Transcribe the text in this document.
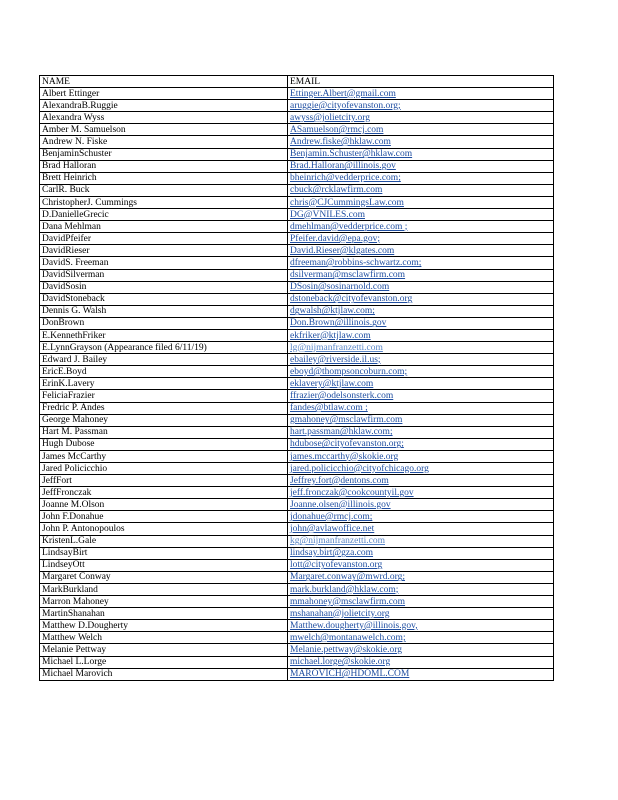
NAME	EMAIL
Albert Ettinger	Ettinger.Albert@gmail.com
AlexandraB.Ruggie	aruggie@cityofevanston.org;
Alexandra Wyss	awyss@jolietcity.org
Amber M. Samuelson	ASamuelson@rmcj.com
Andrew N. Fiske	Andrew.fiske@hklaw.com
BenjaminSchuster	Benjamin.Schuster@hklaw.com
Brad Halloran	Brad.Halloran@illinois.gov
Brett Heinrich	bheinrich@vedderprice.com;
CarlR. Buck	cbuck@rcklawfirm.com
ChristopherJ. Cummings	chris@CJCummingsLaw.com
D.DanielleGrecic	DG@VNILES.com
Dana Mehlman	dmehlman@vedderprice.com ;
DavidPfeifer	Pfeifer.david@epa.gov;
DavidRieser	David.Rieser@klgates.com
DavidS. Freeman	dfreeman@robbins-schwartz.com;
DavidSilverman	dsilverman@msclawfirm.com
DavidSosin	DSosin@sosinarnold.com
DavidStoneback	dstoneback@cityofevanston.org
Dennis G. Walsh	dgwalsh@ktjlaw.com;
DonBrown	Don.Brown@illinois.gov
E.KennethFriker	ekfriker@ktjlaw.com
E.LynnGrayson (Appearance filed 6/11/19)	lg@nijmanfranzetti.com
Edward J. Bailey	ebailey@riverside.il.us;
EricE.Boyd	eboyd@thompsoncoburn.com;
ErinK.Lavery	eklavery@ktjlaw.com
FeliciaFrazier	ffrazier@odelsonsterk.com
Fredric P. Andes	fandes@btlaw.com ;
George Mahoney	gmahoney@msclawfirm.com
Hart M. Passman	hart.passman@hklaw.com;
Hugh Dubose	hdubose@cityofevanston.org;
James McCarthy	james.mccarthy@skokie.org
Jared Policicchio	jared.policicchio@cityofchicago.org
JeffFort	Jeffrey.fort@dentons.com
JeffFronczak	jeff.fronczak@cookcountyil.gov
Joanne M.Olson	Joanne.olsen@illinois.gov
John F.Donahue	jdonahue@rmcj.com;
John P. Antonopoulos	john@avlawoffice.net
KristenL.Gale	kg@nijmanfranzetti.com
LindsayBirt	lindsay.birt@gza.com
LindseyOtt	lott@cityofevanston.org
Margaret Conway	Margaret.conway@mwrd.org;
MarkBurkland	mark.burkland@hklaw.com;
Marron Mahoney	mmahoney@msclawfirm.com
MartinShanahan	mshanahan@jolietcity.org
Matthew D.Dougherty	Matthew.dougherty@illinois.gov,
Matthew Welch	mwelch@montanawelch.com;
Melanie Pettway	Melanie.pettway@skokie.org
Michael L.Lorge	michael.lorge@skokie.org
Michael Marovich	MAROVICH@HDOML.COM
